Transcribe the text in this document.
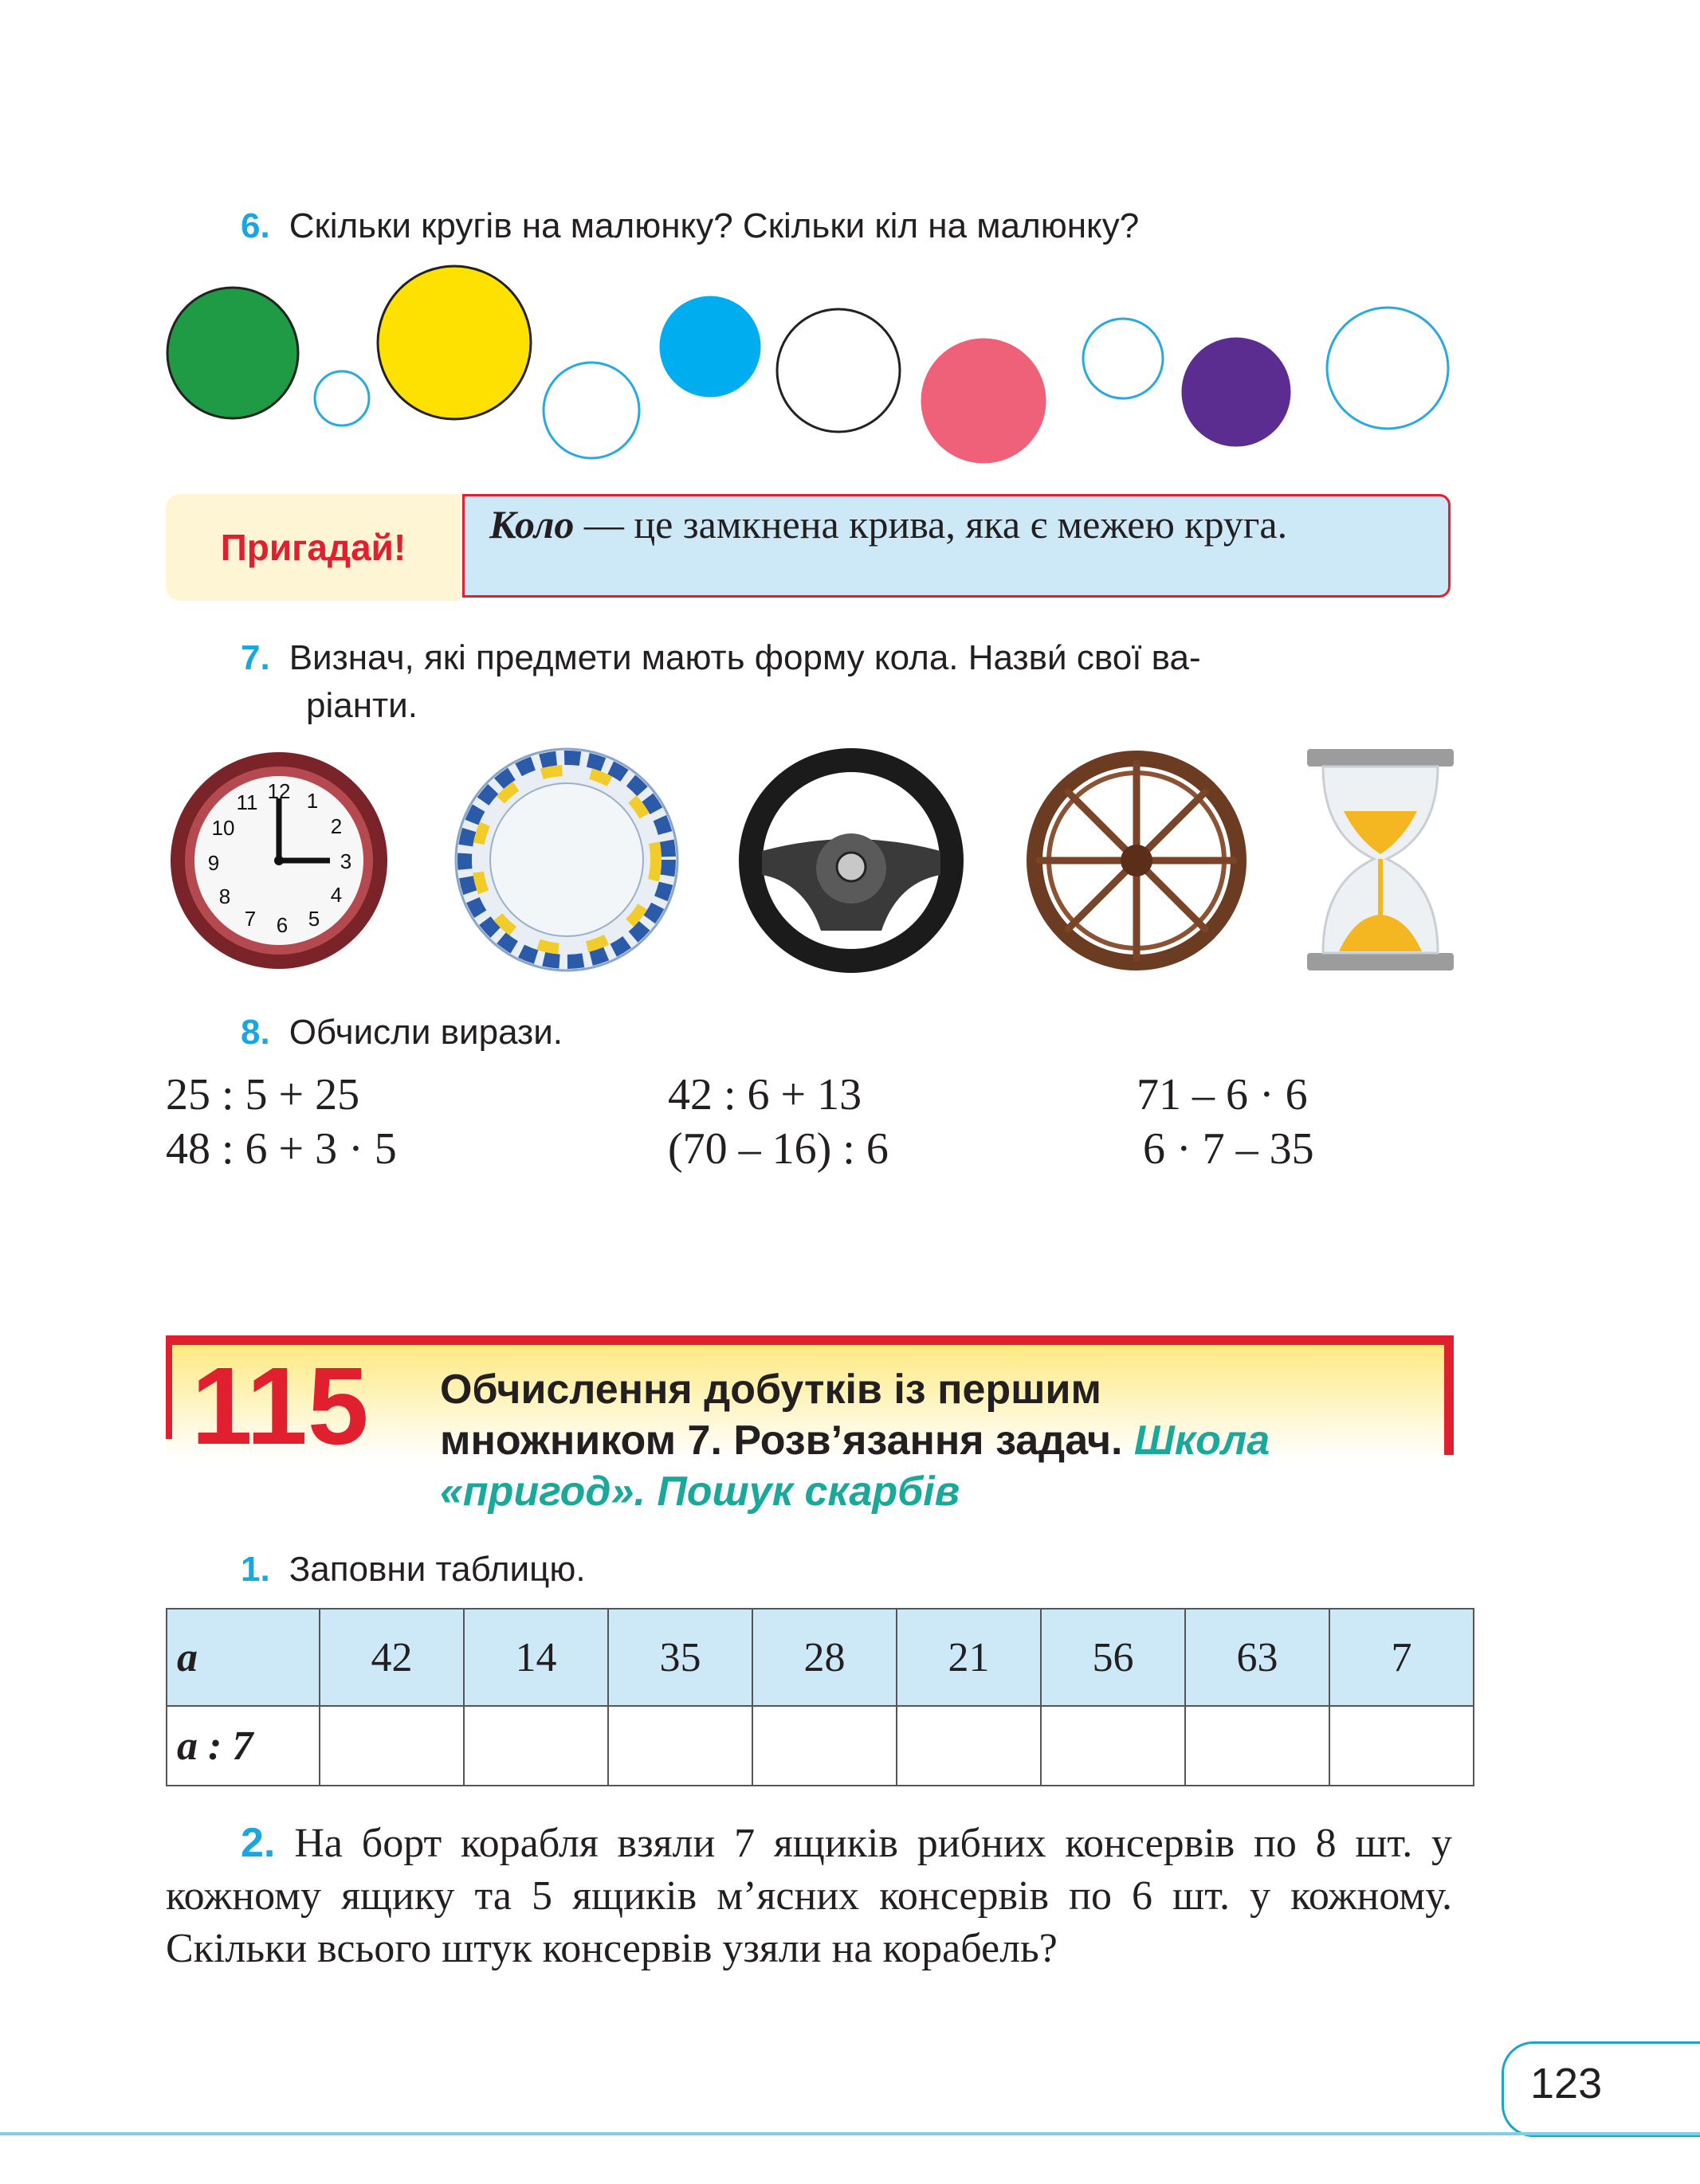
6. Скільки кругів на малюнку? Скільки кіл на малюнку?
Пригадай!
Коло — це замкнена крива, яка є межею круга.
7. Визнач, які предмети мають форму кола. Назви́ свої ва-
ріанти.
12 1
2
3
4
5
6
7
8
9
10
11
8. Обчисли вирази.
25 : 5 + 25
48 : 6 + 3 · 5
42 : 6 + 13
(70 – 16) : 6
71 – 6 · 6
6 · 7 – 35
115 Обчислення добутків із першим
множником 7. Розв’язання задач. Школа
«пригод». Пошук скарбів
1. Заповни таблицю.
a	42	14	35	28	21	56	63	7
a : 7								
2. На борт корабля взяли 7 ящиків рибних консервів по 8 шт. у кожному ящику та 5 ящиків м’ясних консервів по 6 шт. у кожному. Скільки всього штук консервів узяли на корабель?
123
